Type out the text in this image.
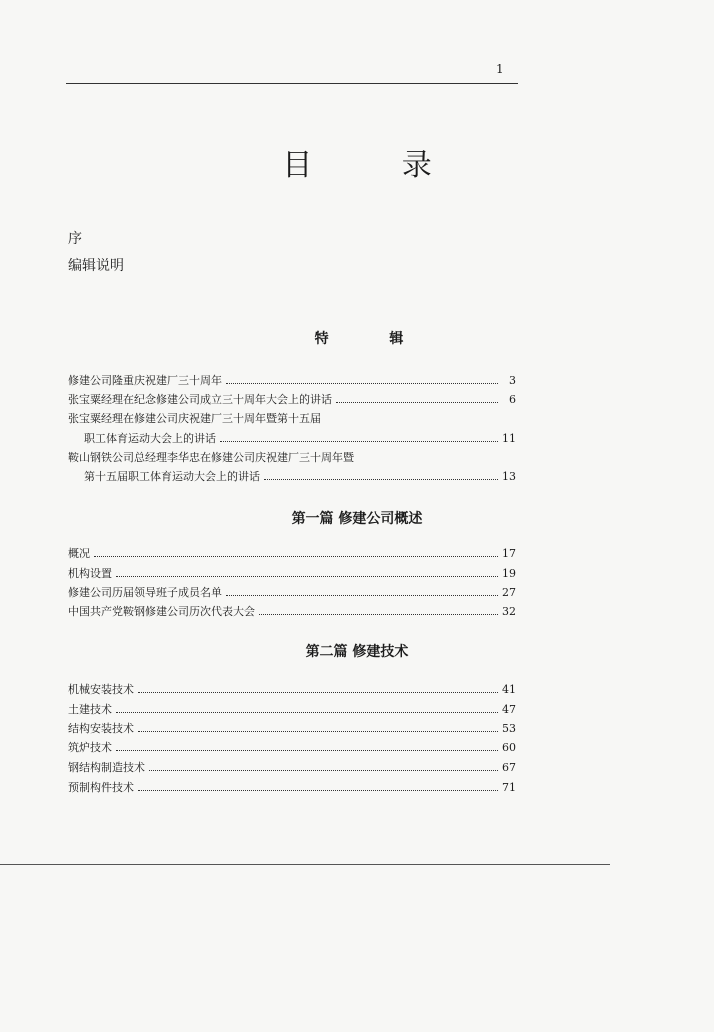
1
目 录
序
编辑说明
特 辑
修建公司隆重庆祝建厂三十周年	3
张宝粟经理在纪念修建公司成立三十周年大会上的讲话	6
张宝粟经理在修建公司庆祝建厂三十周年暨第十五届
职工体育运动大会上的讲话	11
鞍山钢铁公司总经理李华忠在修建公司庆祝建厂三十周年暨
第十五届职工体育运动大会上的讲话	13
第一篇 修建公司概述
概况	17
机构设置	19
修建公司历届领导班子成员名单	27
中国共产党鞍钢修建公司历次代表大会	32
第二篇 修建技术
机械安装技术	41
土建技术	47
结构安装技术	53
筑炉技术	60
钢结构制造技术	67
预制构件技术	71
